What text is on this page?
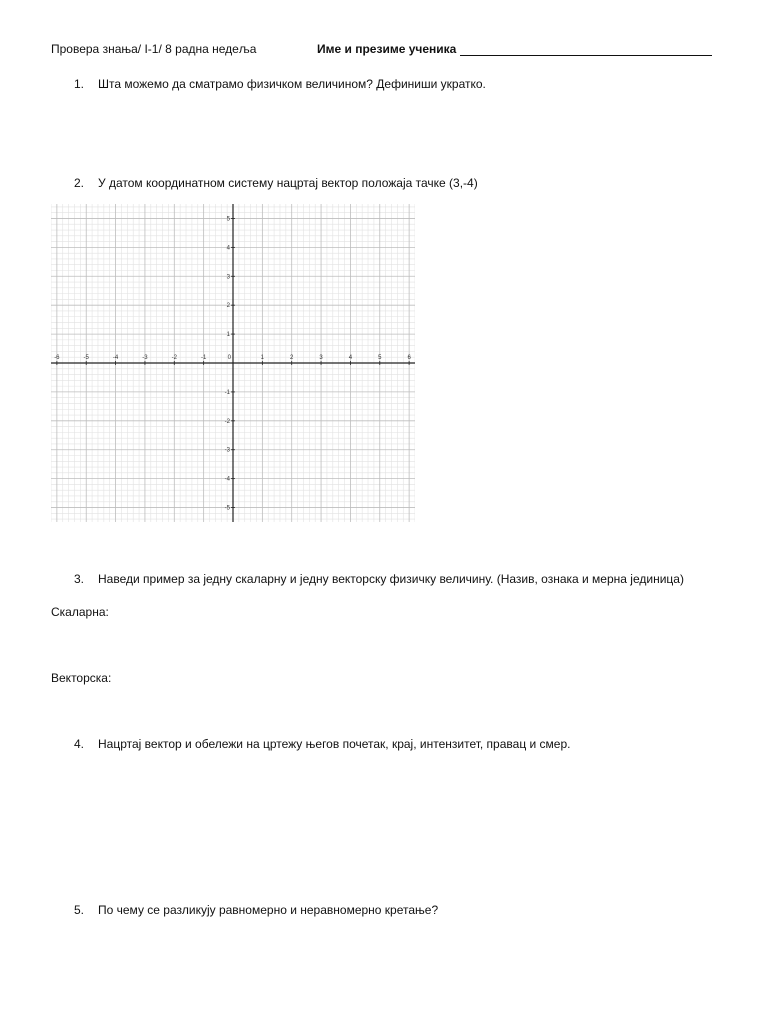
Провера знања/ I-1/ 8 радна недеља	Име и презиме ученика
1. Шта можемо да сматрамо физичком величином? Дефиниши укратко.
2. У датом координатном систему нацртај вектор положаја тачке (3,-4)
-6	-5	-4	-3	-2	-1	0	1	2	3	4	5	6
5
4
3
2
1
-1
-2
-3
-4
-5
3. Наведи пример за једну скаларну и једну векторску физичку величину. (Назив, ознака и мерна јединица)
Скаларна:
Векторска:
4. Нацртај вектор и обележи на цртежу његов почетак, крај, интензитет, правац и смер.
5. По чему се разликују равномерно и неравномерно кретање?
